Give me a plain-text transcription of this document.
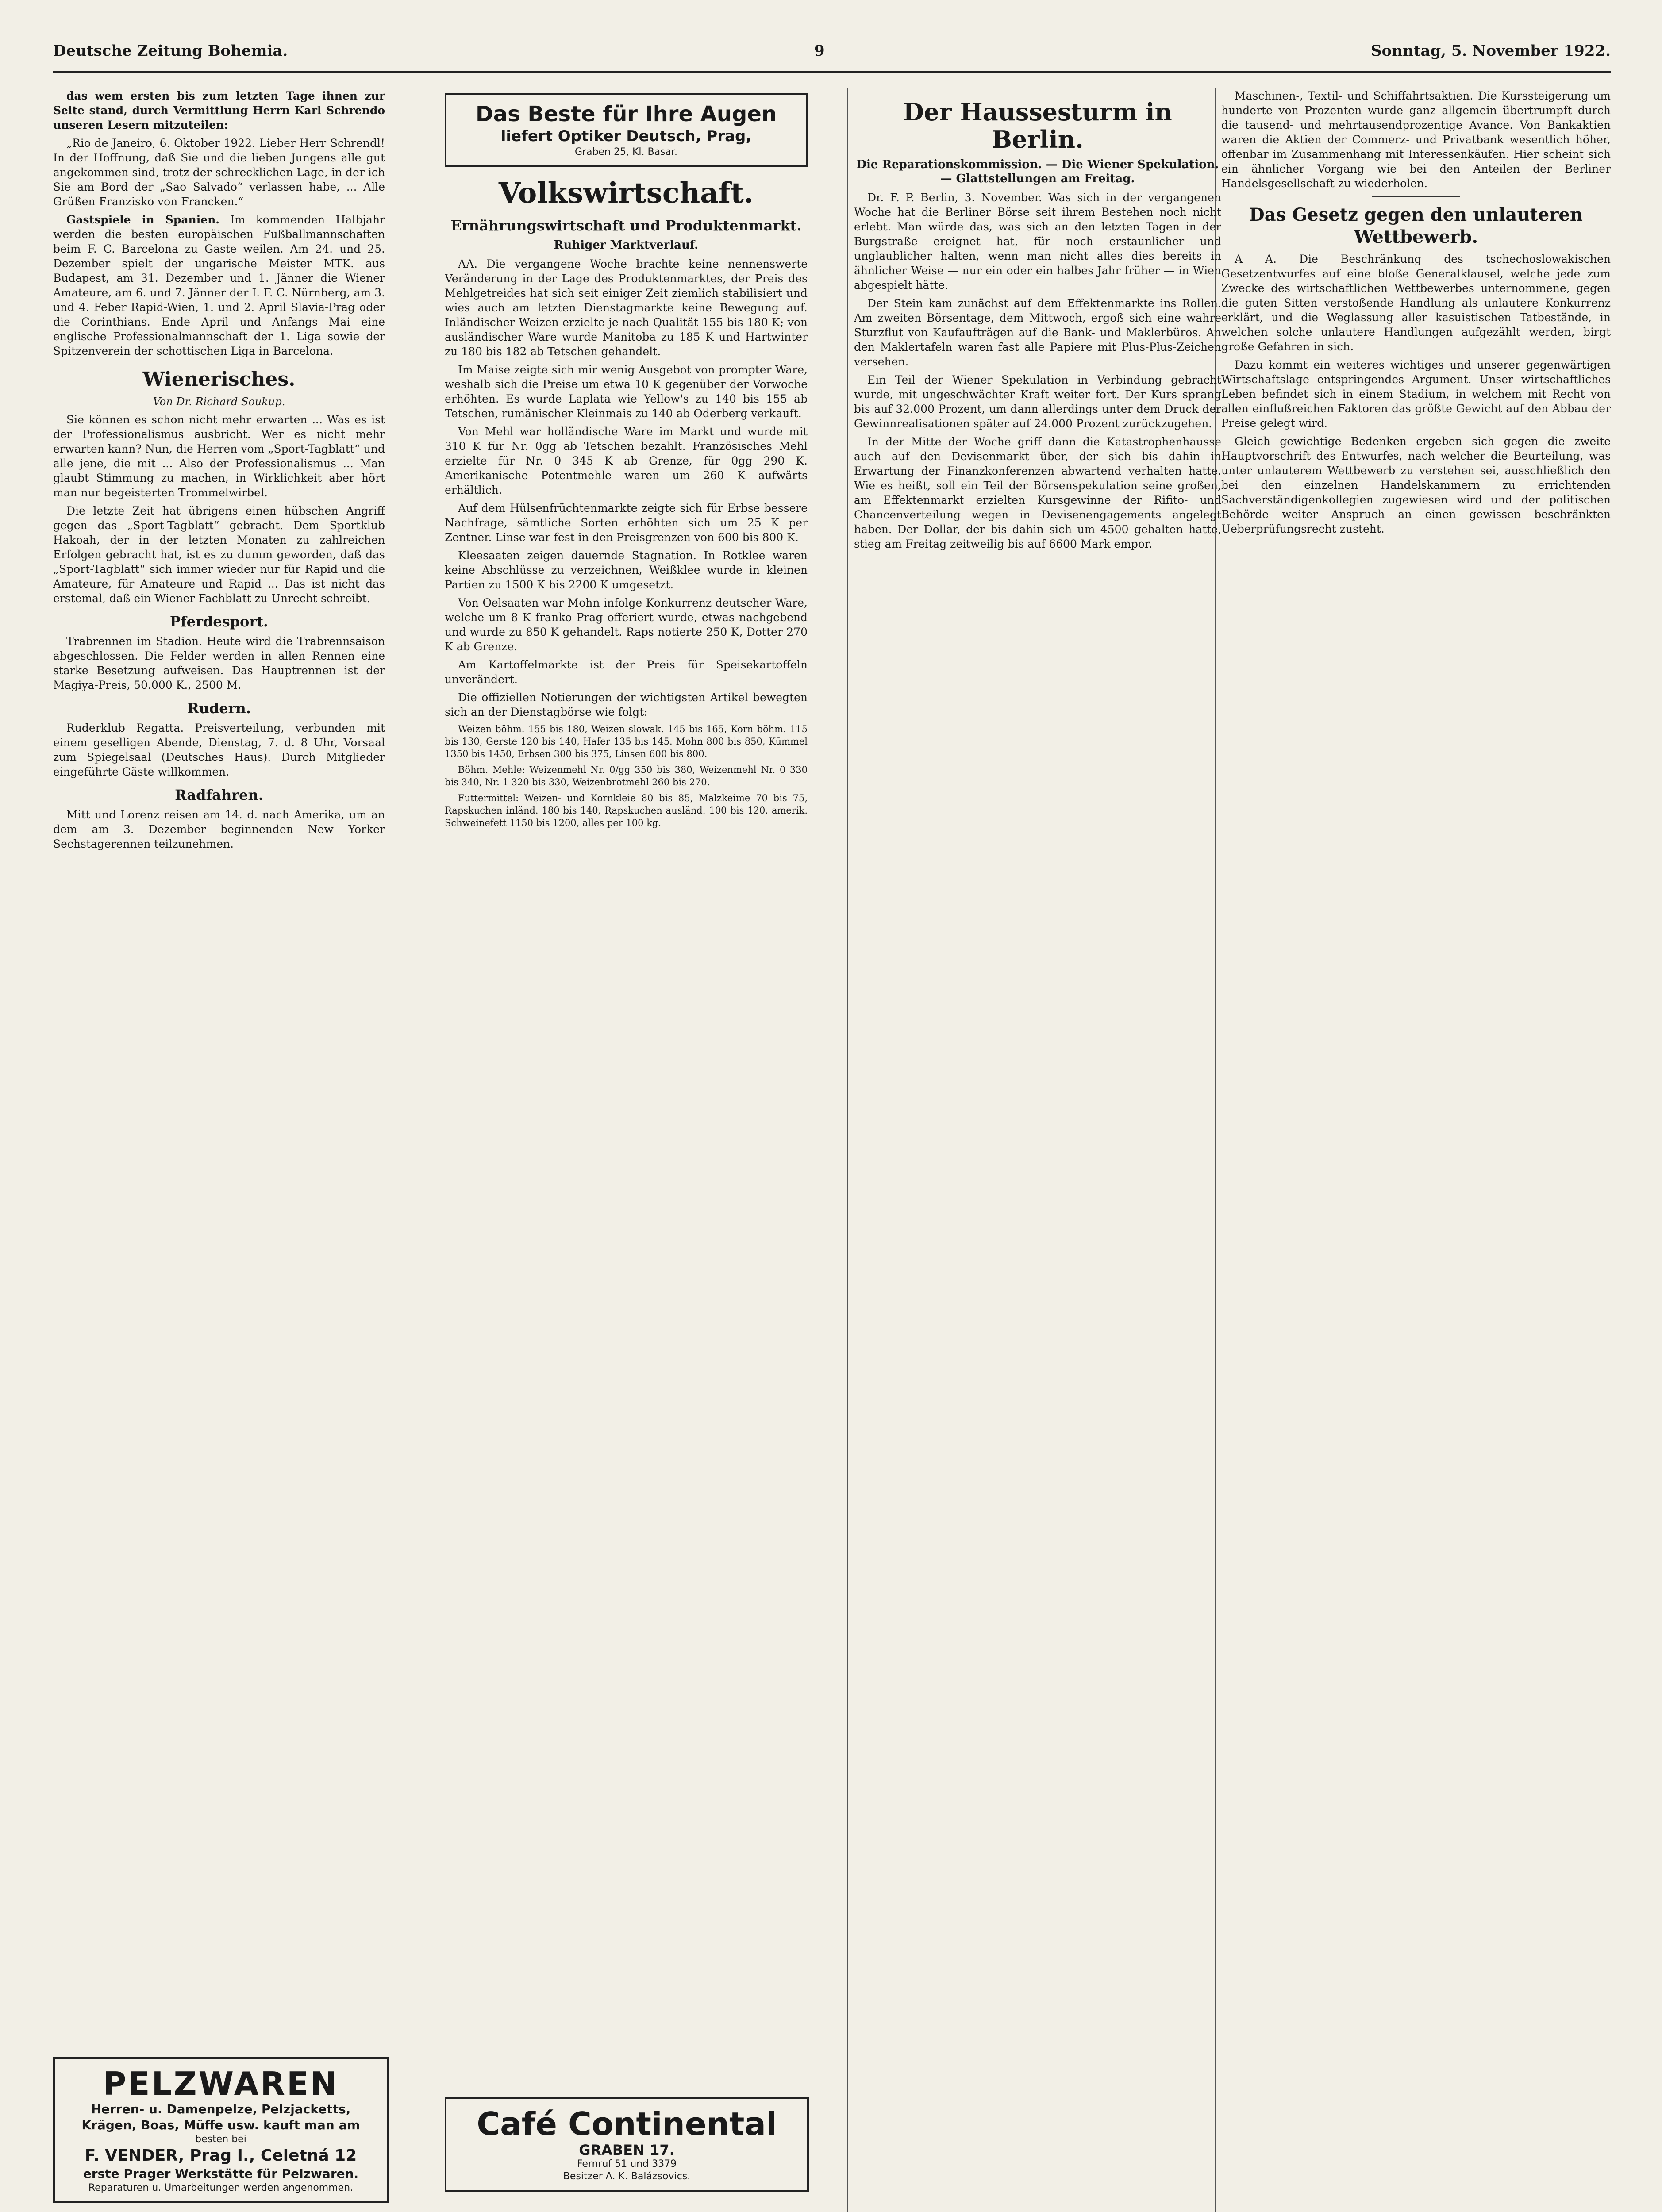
Deutsche Zeitung Bohemia.	9	Sonntag, 5. November 1922.

das wem ersten bis zum letzten Tage ihnen zur Seite stand, durch Vermittlung Herrn Karl Schrendo unseren Lesern mitzuteilen:

„Rio de Janeiro, 6. Oktober 1922. Lieber Herr Schrendl! In der Hoffnung, daß Sie und die lieben Jungens alle gut angekommen sind, trotz der schrecklichen Lage, in der ich Sie am Bord der „Sao Salvado“ verlassen habe, ... Alle Grüßen Franzisko von Francken.“

Gastspiele in Spanien. Im kommenden Halbjahr werden die besten europäischen Fußballmannschaften beim F. C. Barcelona zu Gaste weilen. Am 24. und 25. Dezember spielt der ungarische Meister MTK. aus Budapest, am 31. Dezember und 1. Jänner die Wiener Amateure, am 6. und 7. Jänner der I. F. C. Nürnberg, am 3. und 4. Feber Rapid-Wien, 1. und 2. April Slavia-Prag oder die Corinthians. Ende April und Anfangs Mai eine englische Professionalmannschaft der 1. Liga sowie der Spitzenverein der schottischen Liga in Barcelona.

Wienerisches.
Von Dr. Richard Soukup.

Sie können es schon nicht mehr erwarten ... Was es ist der Professionalismus ausbricht. Wer es nicht mehr erwarten kann? Nun, die Herren vom „Sport-Tagblatt“ und alle jene, die mit ... Also der Professionalismus ... Man glaubt Stimmung zu machen, in Wirklichkeit aber hört man nur begeisterten Trommelwirbel.

Die letzte Zeit hat übrigens einen hübschen Angriff gegen das „Sport-Tagblatt“ gebracht. Dem Sportklub Hakoah, der in der letzten Monaten zu zahlreichen Erfolgen gebracht hat, ist es zu dumm geworden, daß das „Sport-Tagblatt“ sich immer wieder nur für Rapid und die Amateure, für Amateure und Rapid ... Das ist nicht das erstemal, daß ein Wiener Fachblatt zu Unrecht schreibt.

Pferdesport.

Trabrennen im Stadion. Heute wird die Trabrennsaison abgeschlossen. Die Felder werden in allen Rennen eine starke Besetzung aufweisen. Das Hauptrennen ist der Magiya-Preis, 50.000 K., 2500 M.

Rudern.

Ruderklub Regatta. Preisverteilung, verbunden mit einem geselligen Abende, Dienstag, 7. d. 8 Uhr, Vorsaal zum Spiegelsaal (Deutsches Haus). Durch Mitglieder eingeführte Gäste willkommen.

Radfahren.

Mitt und Lorenz reisen am 14. d. nach Amerika, um an dem am 3. Dezember beginnenden New Yorker Sechstagerennen teilzunehmen.

PELZWAREN
Herren- u. Damenpelze, Pelzjacketts,
Krägen, Boas, Müffe usw. kauft man am
besten bei
F. VENDER, Prag I., Celetná 12
erste Prager Werkstätte für Pelzwaren.
Reparaturen u. Umarbeitungen werden angenommen.
Das Beste für Ihre Augen
liefert Optiker Deutsch, Prag,
Graben 25, Kl. Basar.
Volkswirtschaft.
Ernährungswirtschaft und Produktenmarkt.
Ruhiger Marktverlauf.

AA. Die vergangene Woche brachte keine nennenswerte Veränderung in der Lage des Produktenmarktes, der Preis des Mehlgetreides hat sich seit einiger Zeit ziemlich stabilisiert und wies auch am letzten Dienstagmarkte keine Bewegung auf. Inländischer Weizen erzielte je nach Qualität 155 bis 180 K; von ausländischer Ware wurde Manitoba zu 185 K und Hartwinter zu 180 bis 182 ab Tetschen gehandelt.

Im Maise zeigte sich mir wenig Ausgebot von prompter Ware, weshalb sich die Preise um etwa 10 K gegenüber der Vorwoche erhöhten. Es wurde Laplata wie Yellow's zu 140 bis 155 ab Tetschen, rumänischer Kleinmais zu 140 ab Oderberg verkauft.

Von Mehl war holländische Ware im Markt und wurde mit 310 K für Nr. 0gg ab Tetschen bezahlt. Französisches Mehl erzielte für Nr. 0 345 K ab Grenze, für 0gg 290 K. Amerikanische Potentmehle waren um 260 K aufwärts erhältlich.

Auf dem Hülsenfrüchtenmarkte zeigte sich für Erbse bessere Nachfrage, sämtliche Sorten erhöhten sich um 25 K per Zentner. Linse war fest in den Preisgrenzen von 600 bis 800 K.

Kleesaaten zeigen dauernde Stagnation. In Rotklee waren keine Abschlüsse zu verzeichnen, Weißklee wurde in kleinen Partien zu 1500 K bis 2200 K umgesetzt.

Von Oelsaaten war Mohn infolge Konkurrenz deutscher Ware, welche um 8 K franko Prag offeriert wurde, etwas nachgebend und wurde zu 850 K gehandelt. Raps notierte 250 K, Dotter 270 K ab Grenze.

Am Kartoffelmarkte ist der Preis für Speisekartoffeln unverändert.

Die offiziellen Notierungen der wichtigsten Artikel bewegten sich an der Dienstagbörse wie folgt:

Weizen böhm. 155 bis 180, Weizen slowak. 145 bis 165, Korn böhm. 115 bis 130, Gerste 120 bis 140, Hafer 135 bis 145. Mohn 800 bis 850, Kümmel 1350 bis 1450, Erbsen 300 bis 375, Linsen 600 bis 800.

Böhm. Mehle: Weizenmehl Nr. 0/gg 350 bis 380, Weizenmehl Nr. 0 330 bis 340, Nr. 1 320 bis 330, Weizenbrotmehl 260 bis 270.

Futtermittel: Weizen- und Kornkleie 80 bis 85, Malzkeime 70 bis 75, Rapskuchen inländ. 180 bis 140, Rapskuchen ausländ. 100 bis 120, amerik. Schweinefett 1150 bis 1200, alles per 100 kg.

Café Continental
GRABEN 17.
Fernruf 51 und 3379
Besitzer A. K. Balázsovics.
Der Haussesturm in Berlin.
Die Reparationskommission. — Die Wiener Spekulation. — Glattstellungen am Freitag.

Dr. F. P. Berlin, 3. November. Was sich in der vergangenen Woche hat die Berliner Börse seit ihrem Bestehen noch nicht erlebt. Man würde das, was sich an den letzten Tagen in der Burgstraße ereignet hat, für noch erstaunlicher und unglaublicher halten, wenn man nicht alles dies bereits in ähnlicher Weise — nur ein oder ein halbes Jahr früher — in Wien abgespielt hätte.

Der Stein kam zunächst auf dem Effektenmarkte ins Rollen. Am zweiten Börsentage, dem Mittwoch, ergoß sich eine wahre Sturzflut von Kaufaufträgen auf die Bank- und Maklerbüros. An den Maklertafeln waren fast alle Papiere mit Plus-Plus-Zeichen versehen.

Ein Teil der Wiener Spekulation in Verbindung gebracht wurde, mit ungeschwächter Kraft weiter fort. Der Kurs sprang bis auf 32.000 Prozent, um dann allerdings unter dem Druck der Gewinnrealisationen später auf 24.000 Prozent zurückzugehen.

In der Mitte der Woche griff dann die Katastrophenhausse auch auf den Devisenmarkt über, der sich bis dahin in Erwartung der Finanzkonferenzen abwartend verhalten hatte. Wie es heißt, soll ein Teil der Börsenspekulation seine großen, am Effektenmarkt erzielten Kursgewinne der Rifito- und Chancenverteilung wegen in Devisenengagements angelegt haben. Der Dollar, der bis dahin sich um 4500 gehalten hatte, stieg am Freitag zeitweilig bis auf 6600 Mark empor.

Maschinen-, Textil- und Schiffahrtsaktien. Die Kurssteigerung um hunderte von Prozenten wurde ganz allgemein übertrumpft durch die tausend- und mehrtausendprozentige Avance. Von Bankaktien waren die Aktien der Commerz- und Privatbank wesentlich höher, offenbar im Zusammenhang mit Interessenkäufen. Hier scheint sich ein ähnlicher Vorgang wie bei den Anteilen der Berliner Handelsgesellschaft zu wiederholen.

Das Gesetz gegen den unlauteren Wettbewerb.

A A. Die Beschränkung des tschechoslowakischen Gesetzentwurfes auf eine bloße Generalklausel, welche jede zum Zwecke des wirtschaftlichen Wettbewerbes unternommene, gegen die guten Sitten verstoßende Handlung als unlautere Konkurrenz erklärt, und die Weglassung aller kasuistischen Tatbestände, in welchen solche unlautere Handlungen aufgezählt werden, birgt große Gefahren in sich.

Dazu kommt ein weiteres wichtiges und unserer gegenwärtigen Wirtschaftslage entspringendes Argument. Unser wirtschaftliches Leben befindet sich in einem Stadium, in welchem mit Recht von allen einflußreichen Faktoren das größte Gewicht auf den Abbau der Preise gelegt wird.

Gleich gewichtige Bedenken ergeben sich gegen die zweite Hauptvorschrift des Entwurfes, nach welcher die Beurteilung, was unter unlauterem Wettbewerb zu verstehen sei, ausschließlich den bei den einzelnen Handelskammern zu errichtenden Sachverständigenkollegien zugewiesen wird und der politischen Behörde weiter Anspruch an einen gewissen beschränkten Ueberprüfungsrecht zusteht.
